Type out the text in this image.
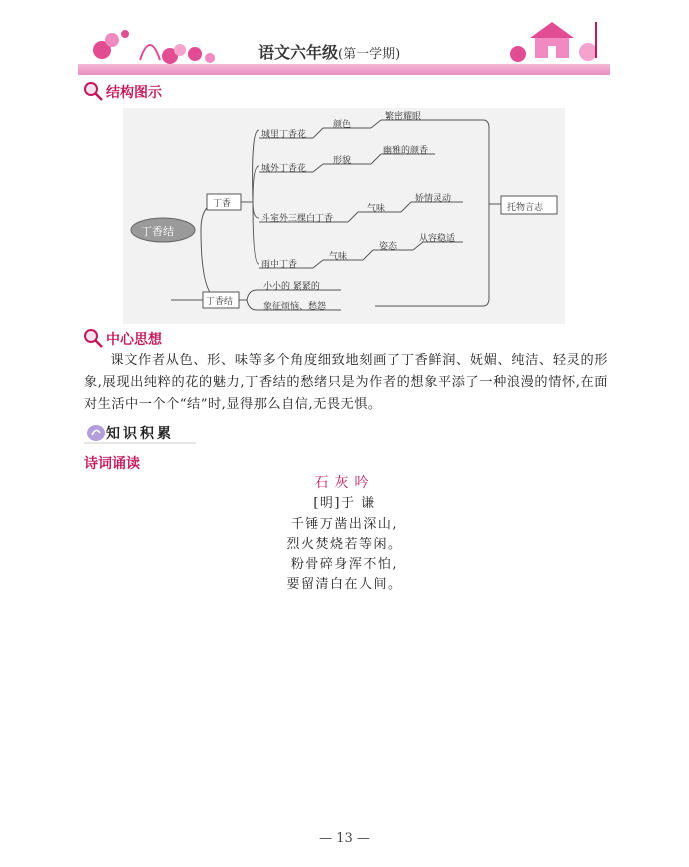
语文六年级(第一学期)
结构图示
丁香结
丁香
丁香结
城里丁香花
颜色
繁密耀眼
城外丁香花
形貌
幽雅的颜香
斗室外三棵白丁香
气味
娇情灵动
雨中丁香
气味
姿态
从容稳适
小小的 紧紧的
象征烦恼、愁怨
托物言志
中心思想
课文作者从色、形、味等多个角度细致地刻画了丁香鲜润、妩媚、纯洁、轻灵的形象,展现出纯粹的花的魅力,丁香结的愁绪只是为作者的想象平添了一种浪漫的情怀,在面对生活中一个个“结”时,显得那么自信,无畏无惧。
知识积累
诗词诵读
石灰吟
[明]于 谦
千锤万凿出深山,
烈火焚烧若等闲。
粉骨碎身浑不怕,
要留清白在人间。
— 13 —
